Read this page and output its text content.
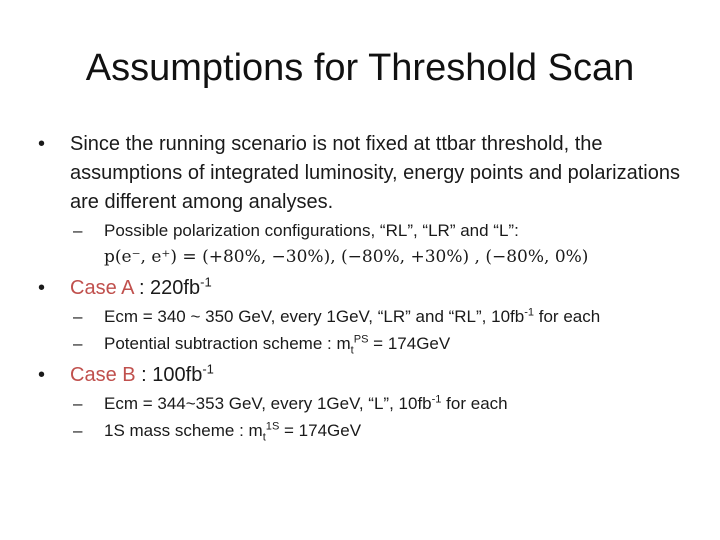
Assumptions for Threshold Scan
•	Since the running scenario is not fixed at ttbar threshold, the assumptions of integrated luminosity, energy points and polarizations are different among analyses.
– Possible polarization configurations, “RL”, “LR” and “L”:
p(e⁻, e⁺) = (+80%, −30%), (−80%, +30%) , (−80%, 0%)
•	Case A : $220fb^{-1}$
– Ecm = 340 ~ 350 GeV, every 1GeV, “LR” and “RL”, $10fb^{-1}$ for each
– Potential subtraction scheme : $m_t^{PS} = 174GeV$
•	Case B : $100fb^{-1}$
– Ecm = 344~353 GeV, every 1GeV, “L”, $10fb^{-1}$ for each
– 1S mass scheme : $m_t^{1S} = 174GeV$
